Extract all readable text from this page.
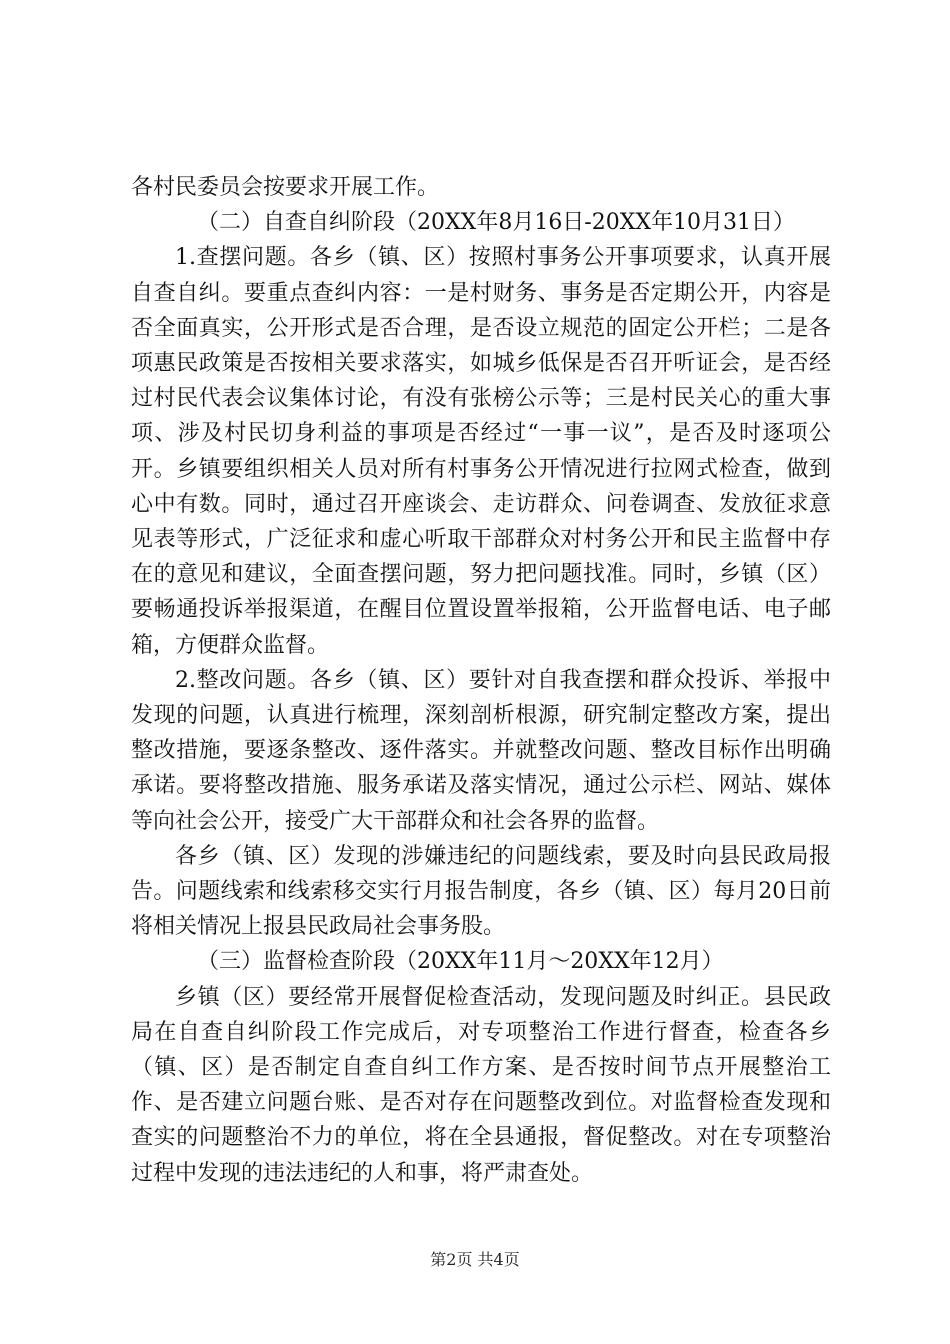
各村民委员会按要求开展工作。

（二）自查自纠阶段（20XX年8月16日-20XX年10月31日）

1.查摆问题。各乡（镇、区）按照村事务公开事项要求，认真开展自查自纠。要重点查纠内容：一是村财务、事务是否定期公开，内容是否全面真实，公开形式是否合理，是否设立规范的固定公开栏；二是各项惠民政策是否按相关要求落实，如城乡低保是否召开听证会，是否经过村民代表会议集体讨论，有没有张榜公示等；三是村民关心的重大事项、涉及村民切身利益的事项是否经过“一事一议”，是否及时逐项公开。乡镇要组织相关人员对所有村事务公开情况进行拉网式检查，做到心中有数。同时，通过召开座谈会、走访群众、问卷调查、发放征求意见表等形式，广泛征求和虚心听取干部群众对村务公开和民主监督中存在的意见和建议，全面查摆问题，努力把问题找准。同时，乡镇（区）要畅通投诉举报渠道，在醒目位置设置举报箱，公开监督电话、电子邮箱，方便群众监督。

2.整改问题。各乡（镇、区）要针对自我查摆和群众投诉、举报中发现的问题，认真进行梳理，深刻剖析根源，研究制定整改方案，提出整改措施，要逐条整改、逐件落实。并就整改问题、整改目标作出明确承诺。要将整改措施、服务承诺及落实情况，通过公示栏、网站、媒体等向社会公开，接受广大干部群众和社会各界的监督。

各乡（镇、区）发现的涉嫌违纪的问题线索，要及时向县民政局报告。问题线索和线索移交实行月报告制度，各乡（镇、区）每月20日前将相关情况上报县民政局社会事务股。

（三）监督检查阶段（20XX年11月～20XX年12月）

乡镇（区）要经常开展督促检查活动，发现问题及时纠正。县民政局在自查自纠阶段工作完成后，对专项整治工作进行督查，检查各乡（镇、区）是否制定自查自纠工作方案、是否按时间节点开展整治工作、是否建立问题台账、是否对存在问题整改到位。对监督检查发现和查实的问题整治不力的单位，将在全县通报，督促整改。对在专项整治过程中发现的违法违纪的人和事，将严肃查处。

第2页 共4页
